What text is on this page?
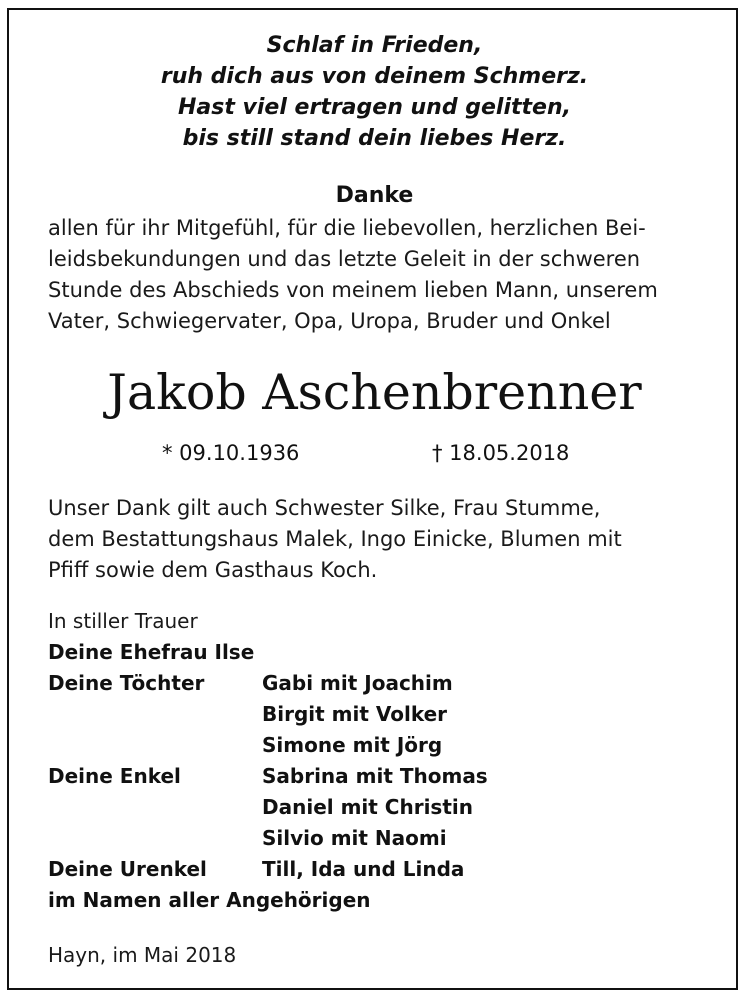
Schlaf in Frieden,
ruh dich aus von deinem Schmerz.
Hast viel ertragen und gelitten,
bis still stand dein liebes Herz.
Danke
allen für ihr Mitgefühl, für die liebevollen, herzlichen Bei-
leidsbekundungen und das letzte Geleit in der schweren
Stunde des Abschieds von meinem lieben Mann, unserem
Vater, Schwiegervater, Opa, Uropa, Bruder und Onkel
Jakob Aschenbrenner
* 09.10.1936	† 18.05.2018
Unser Dank gilt auch Schwester Silke, Frau Stumme,
dem Bestattungshaus Malek, Ingo Einicke, Blumen mit
Pfiff sowie dem Gasthaus Koch.
In stiller Trauer
Deine Ehefrau Ilse
Deine Töchter	Gabi mit Joachim
Birgit mit Volker
Simone mit Jörg
Deine Enkel	Sabrina mit Thomas
Daniel mit Christin
Silvio mit Naomi
Deine Urenkel	Till, Ida und Linda
im Namen aller Angehörigen
Hayn, im Mai 2018
